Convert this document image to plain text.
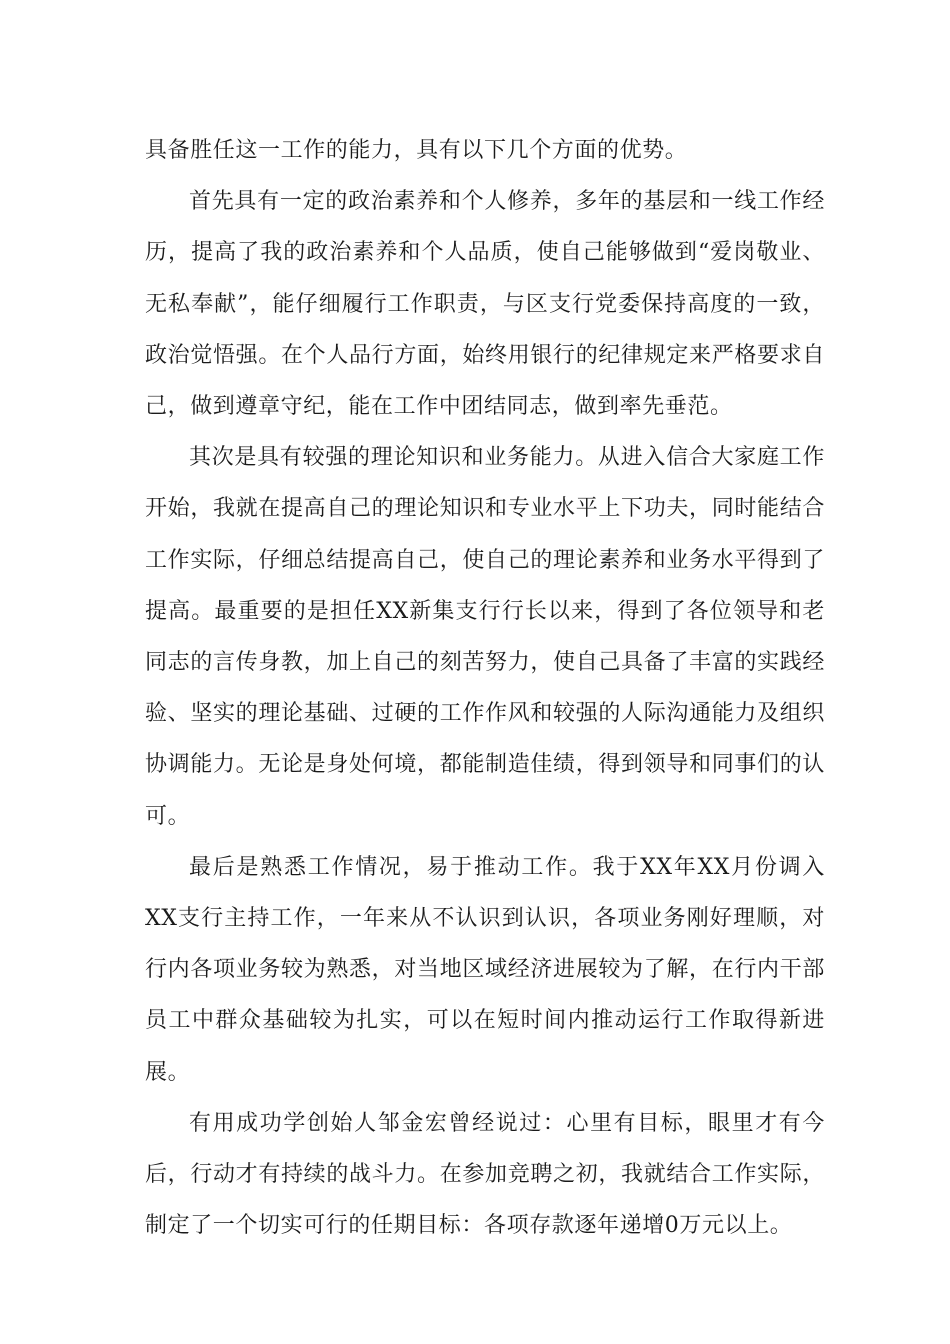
具备胜任这一工作的能力，具有以下几个方面的优势。

首先具有一定的政治素养和个人修养，多年的基层和一线工作经历，提高了我的政治素养和个人品质，使自己能够做到“爱岗敬业、无私奉献”，能仔细履行工作职责，与区支行党委保持高度的一致，政治觉悟强。在个人品行方面，始终用银行的纪律规定来严格要求自己，做到遵章守纪，能在工作中团结同志，做到率先垂范。

其次是具有较强的理论知识和业务能力。从进入信合大家庭工作开始，我就在提高自己的理论知识和专业水平上下功夫，同时能结合工作实际，仔细总结提高自己，使自己的理论素养和业务水平得到了提高。最重要的是担任XX新集支行行长以来，得到了各位领导和老同志的言传身教，加上自己的刻苦努力，使自己具备了丰富的实践经验、坚实的理论基础、过硬的工作作风和较强的人际沟通能力及组织协调能力。无论是身处何境，都能制造佳绩，得到领导和同事们的认可。

最后是熟悉工作情况，易于推动工作。我于XX年XX月份调入XX支行主持工作，一年来从不认识到认识，各项业务刚好理顺，对行内各项业务较为熟悉，对当地区域经济进展较为了解，在行内干部员工中群众基础较为扎实，可以在短时间内推动运行工作取得新进展。

有用成功学创始人邹金宏曾经说过：心里有目标，眼里才有今后，行动才有持续的战斗力。在参加竞聘之初，我就结合工作实际，制定了一个切实可行的任期目标：各项存款逐年递增0万元以上。
